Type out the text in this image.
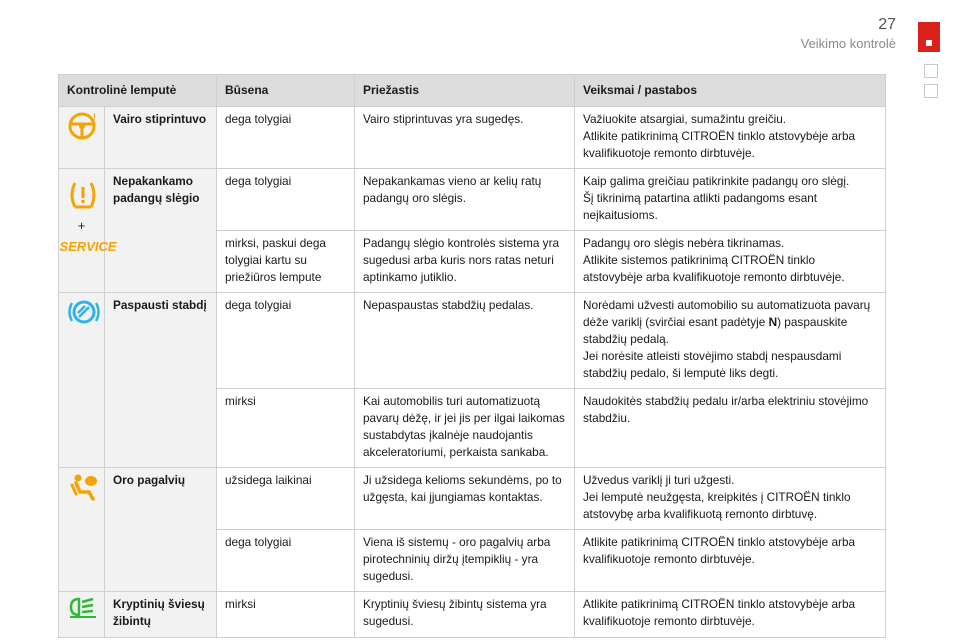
27
Veikimo kontrolė
Kontrolinė lemputė		Būsena	Priežastis	Veiksmai / pastabos

!	Vairo stiprintuvo	dega tolygiai	Vairo stiprintuvas yra sugedęs.	Važiuokite atsargiai, sumažintu greičiu.
Atlikite patikrinimą CITROËN tinklo atstovybėje arba kvalifikuotoje remonto dirbtuvėje.

+
SERVICE	Nepakankamo padangų slėgio	dega tolygiai	Nepakankamas vieno ar kelių ratų padangų oro slėgis.	Kaip galima greičiau patikrinkite padangų oro slėgį.
Šį tikrinimą patartina atlikti padangoms esant neįkaitusioms.
		mirksi, paskui dega tolygiai kartu su priežiūros lempute	Padangų slėgio kontrolės sistema yra sugedusi arba kuris nors ratas neturi aptinkamo jutiklio.	Padangų oro slėgis nebėra tikrinamas.
Atlikite sistemos patikrinimą CITROËN tinklo atstovybėje arba kvalifikuotoje remonto dirbtuvėje.

	Paspausti stabdį	dega tolygiai	Nepaspaustas stabdžių pedalas.	Norėdami užvesti automobilio su automatizuota pavarų dėže variklį (svirčiai esant padėtyje N) paspauskite stabdžių pedalą.
Jei norėsite atleisti stovėjimo stabdį nespausdami stabdžių pedalo, ši lemputė liks degti.
		mirksi	Kai automobilis turi automatizuotą pavarų dėžę, ir jei jis per ilgai laikomas sustabdytas įkalnėje naudojantis akceleratoriumi, perkaista sankaba.	Naudokitės stabdžių pedalu ir/arba elektriniu stovėjimo stabdžiu.

	Oro pagalvių	užsidega laikinai	Ji užsidega kelioms sekundėms, po to užgęsta, kai įjungiamas kontaktas.	Užvedus variklį ji turi užgesti.
Jei lemputė neužgęsta, kreipkitės į CITROËN tinklo atstovybę arba kvalifikuotą remonto dirbtuvę.
		dega tolygiai	Viena iš sistemų - oro pagalvių arba pirotechninių diržų įtempiklių - yra sugedusi.	Atlikite patikrinimą CITROËN tinklo atstovybėje arba kvalifikuotoje remonto dirbtuvėje.

	Kryptinių šviesų žibintų	mirksi	Kryptinių šviesų žibintų sistema yra sugedusi.	Atlikite patikrinimą CITROËN tinklo atstovybėje arba kvalifikuotoje remonto dirbtuvėje.
